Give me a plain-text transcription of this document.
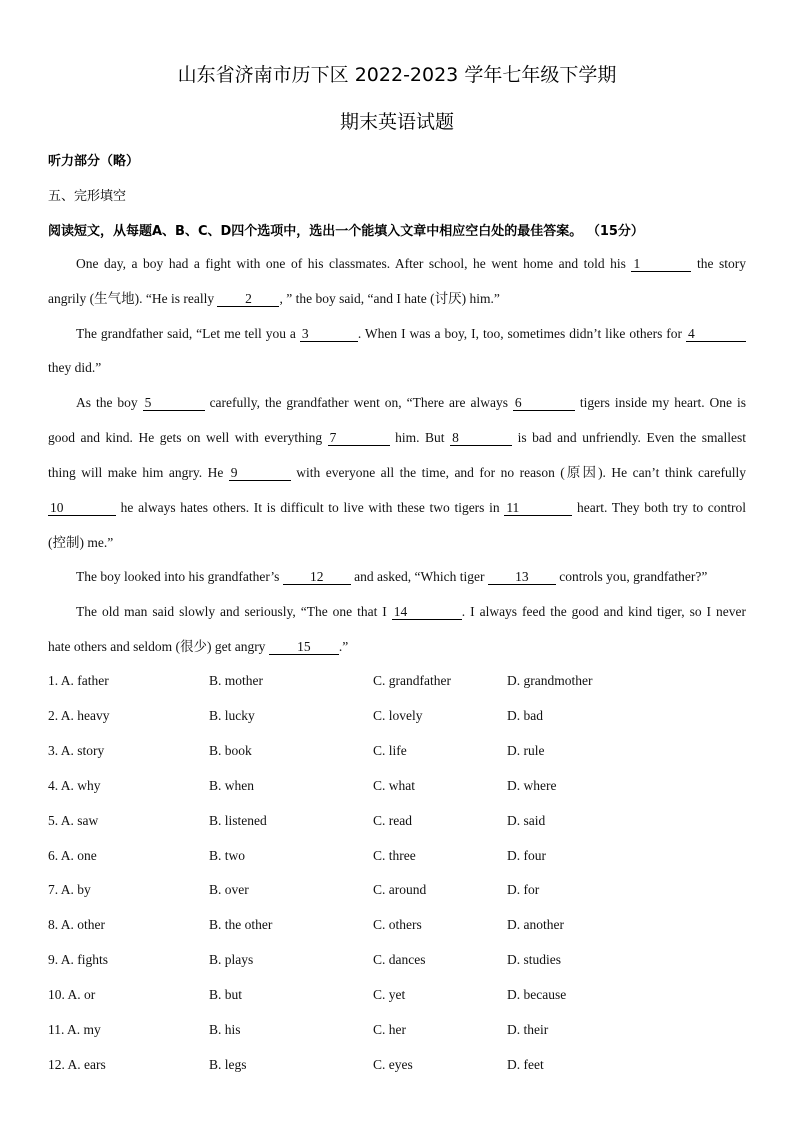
山东省济南市历下区 2022-2023 学年七年级下学期
期末英语试题
听力部分（略）
五、完形填空
阅读短文，从每题A、B、C、D四个选项中，选出一个能填入文章中相应空白处的最佳答案。 （15分）
One day, a boy had a fight with one of his classmates. After school, he went home and told his 1	the story
angrily (生气地). “He is really 2 , ” the boy said, “and I hate (讨厌) him.”
The grandfather said, “Let me tell you a 3	. When I was a boy, I, too, sometimes didn’t like others for 4
they did.”
As the boy 5	carefully, the grandfather went on, “There are always 6	tigers inside my heart. One is
good and kind. He gets on well with everything 7	him. But 8	is bad and unfriendly. Even the smallest
thing will make him angry. He 9	with everyone all the time, and for no reason (原因). He can’t think carefully
10	he always hates others. It is difficult to live with these two tigers in 11	heart. They both try to control
(控制) me.”
The boy looked into his grandfather’s 12 and asked, “Which tiger 13 controls you, grandfather?”
The old man said slowly and seriously, “The one that I 14	. I always feed the good and kind tiger, so I never
hate others and seldom (很少) get angry 15 .”
1. A. father	B. mother	C. grandfather	D. grandmother
2. A. heavy	B. lucky	C. lovely	D. bad
3. A. story	B. book	C. life	D. rule
4. A. why	B. when	C. what	D. where
5. A. saw	B. listened	C. read	D. said
6. A. one	B. two	C. three	D. four
7. A. by	B. over	C. around	D. for
8. A. other	B. the other	C. others	D. another
9. A. fights	B. plays	C. dances	D. studies
10. A. or	B. but	C. yet	D. because
11. A. my	B. his	C. her	D. their
12. A. ears	B. legs	C. eyes	D. feet
